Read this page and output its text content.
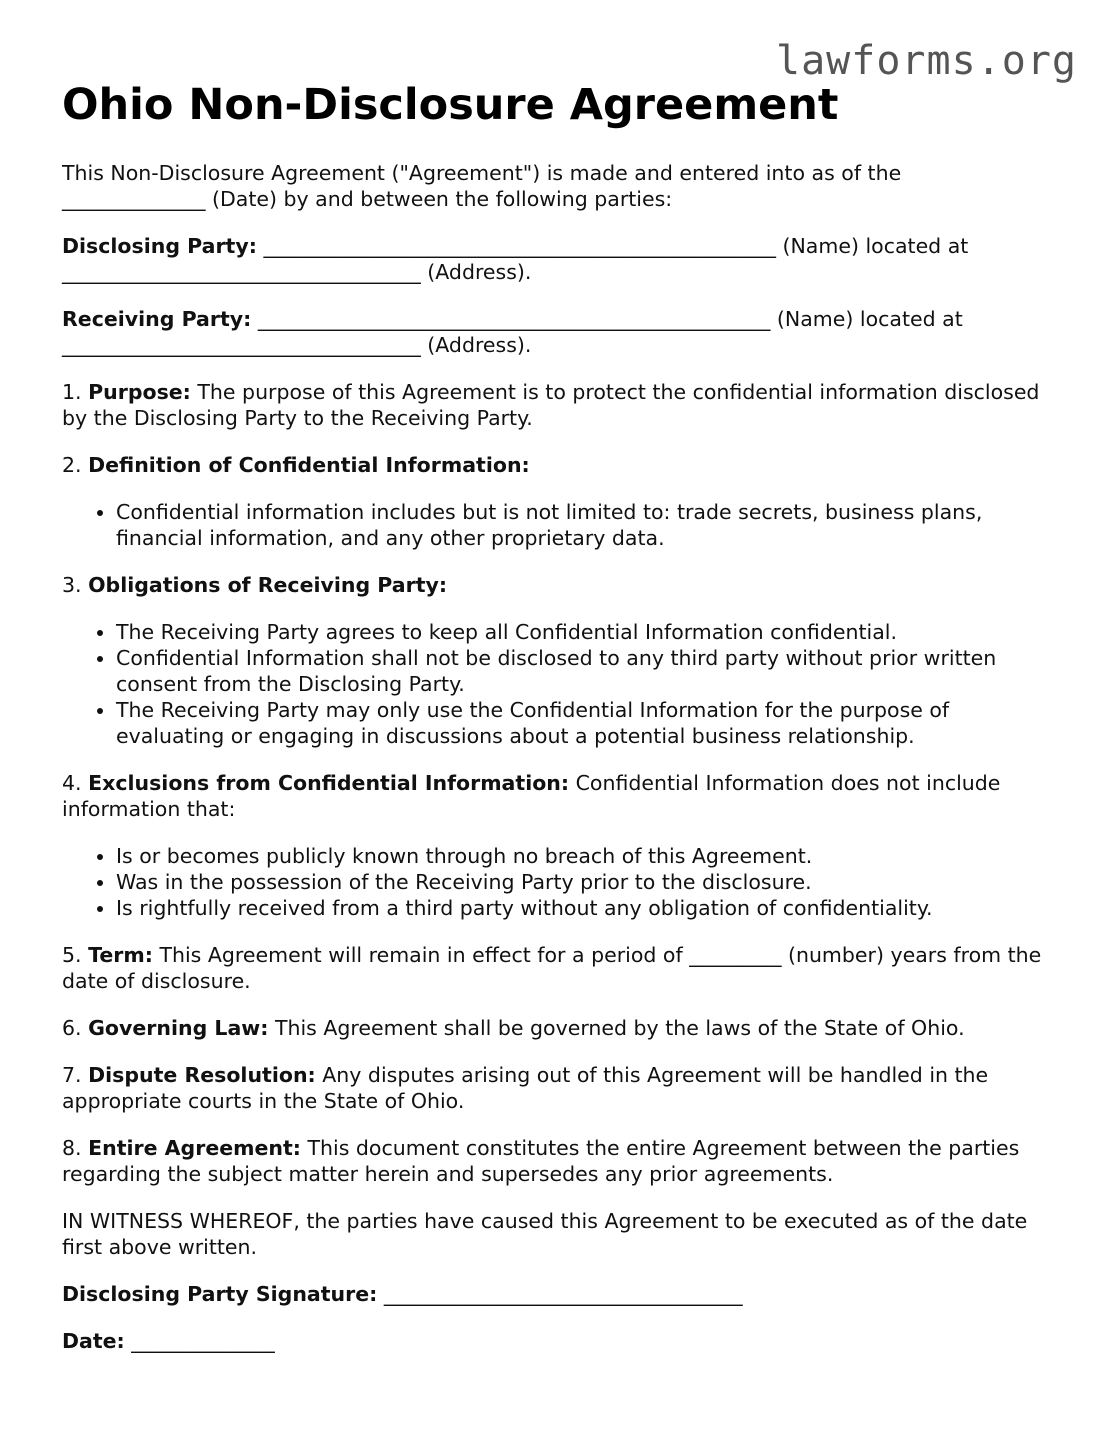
lawforms.org
Ohio Non-Disclosure Agreement

This Non-Disclosure Agreement ("Agreement") is made and entered into as of the
______________ (Date) by and between the following parties:

Disclosing Party: __________________________________________________ (Name) located at ___________________________________ (Address).

Receiving Party: __________________________________________________ (Name) located at ___________________________________ (Address).

1. Purpose: The purpose of this Agreement is to protect the confidential information disclosed by the Disclosing Party to the Receiving Party.

2. Definition of Confidential Information:

• Confidential information includes but is not limited to: trade secrets, business plans, financial information, and any other proprietary data.

3. Obligations of Receiving Party:

• The Receiving Party agrees to keep all Confidential Information confidential.
• Confidential Information shall not be disclosed to any third party without prior written consent from the Disclosing Party.
• The Receiving Party may only use the Confidential Information for the purpose of evaluating or engaging in discussions about a potential business relationship.

4. Exclusions from Confidential Information: Confidential Information does not include information that:

• Is or becomes publicly known through no breach of this Agreement.
• Was in the possession of the Receiving Party prior to the disclosure.
• Is rightfully received from a third party without any obligation of confidentiality.

5. Term: This Agreement will remain in effect for a period of _________ (number) years from the date of disclosure.

6. Governing Law: This Agreement shall be governed by the laws of the State of Ohio.

7. Dispute Resolution: Any disputes arising out of this Agreement will be handled in the appropriate courts in the State of Ohio.

8. Entire Agreement: This document constitutes the entire Agreement between the parties regarding the subject matter herein and supersedes any prior agreements.

IN WITNESS WHEREOF, the parties have caused this Agreement to be executed as of the date first above written.

Disclosing Party Signature: ___________________________________

Date: ______________
